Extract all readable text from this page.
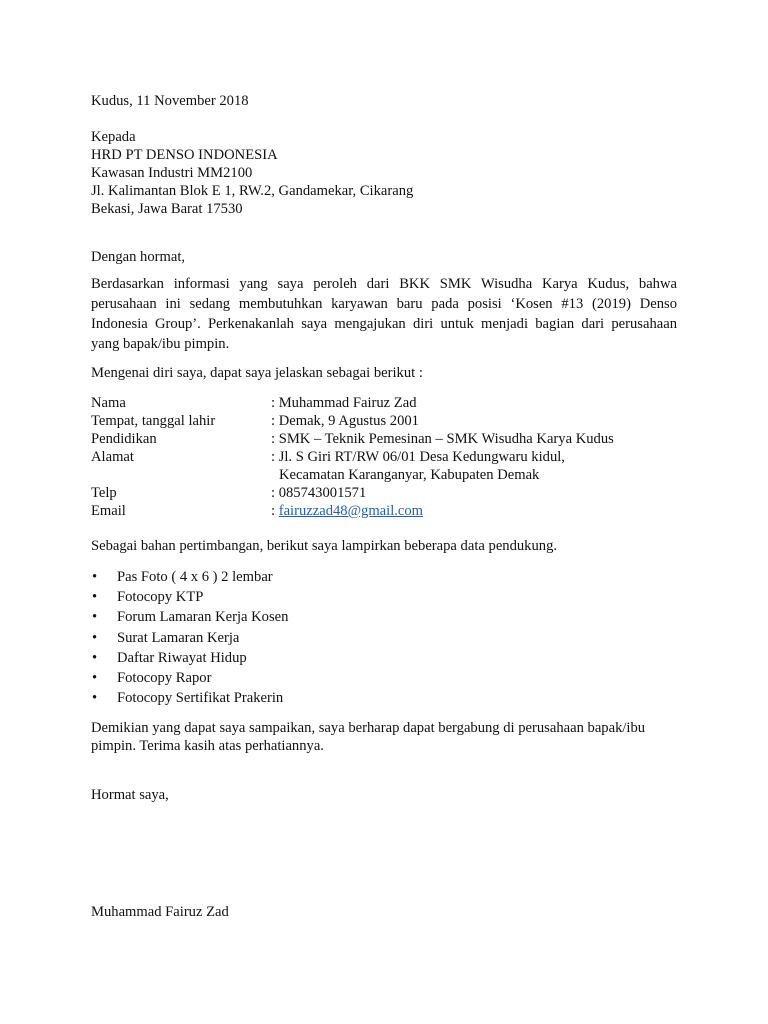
Kudus, 11 November 2018
Kepada
HRD PT DENSO INDONESIA
Kawasan Industri MM2100
Jl. Kalimantan Blok E 1, RW.2, Gandamekar, Cikarang
Bekasi, Jawa Barat 17530
Dengan hormat,
Berdasarkan informasi yang saya peroleh dari BKK SMK Wisudha Karya Kudus, bahwa
perusahaan ini sedang membutuhkan karyawan baru pada posisi ‘Kosen #13 (2019) Denso
Indonesia Group’. Perkenakanlah saya mengajukan diri untuk menjadi bagian dari perusahaan
yang bapak/ibu pimpin.
Mengenai diri saya, dapat saya jelaskan sebagai berikut :
Nama	: Muhammad Fairuz Zad
Tempat, tanggal lahir	: Demak, 9 Agustus 2001
Pendidikan	: SMK – Teknik Pemesinan – SMK Wisudha Karya Kudus
Alamat	: Jl. S Giri RT/RW 06/01 Desa Kedungwaru kidul,
Kecamatan Karanganyar, Kabupaten Demak
Telp	: 085743001571
Email	: fairuzzad48@gmail.com
Sebagai bahan pertimbangan, berikut saya lampirkan beberapa data pendukung.
• Pas Foto ( 4 x 6 ) 2 lembar
• Fotocopy KTP
• Forum Lamaran Kerja Kosen
• Surat Lamaran Kerja
• Daftar Riwayat Hidup
• Fotocopy Rapor
• Fotocopy Sertifikat Prakerin
Demikian yang dapat saya sampaikan, saya berharap dapat bergabung di perusahaan bapak/ibu
pimpin. Terima kasih atas perhatiannya.
Hormat saya,
Muhammad Fairuz Zad
